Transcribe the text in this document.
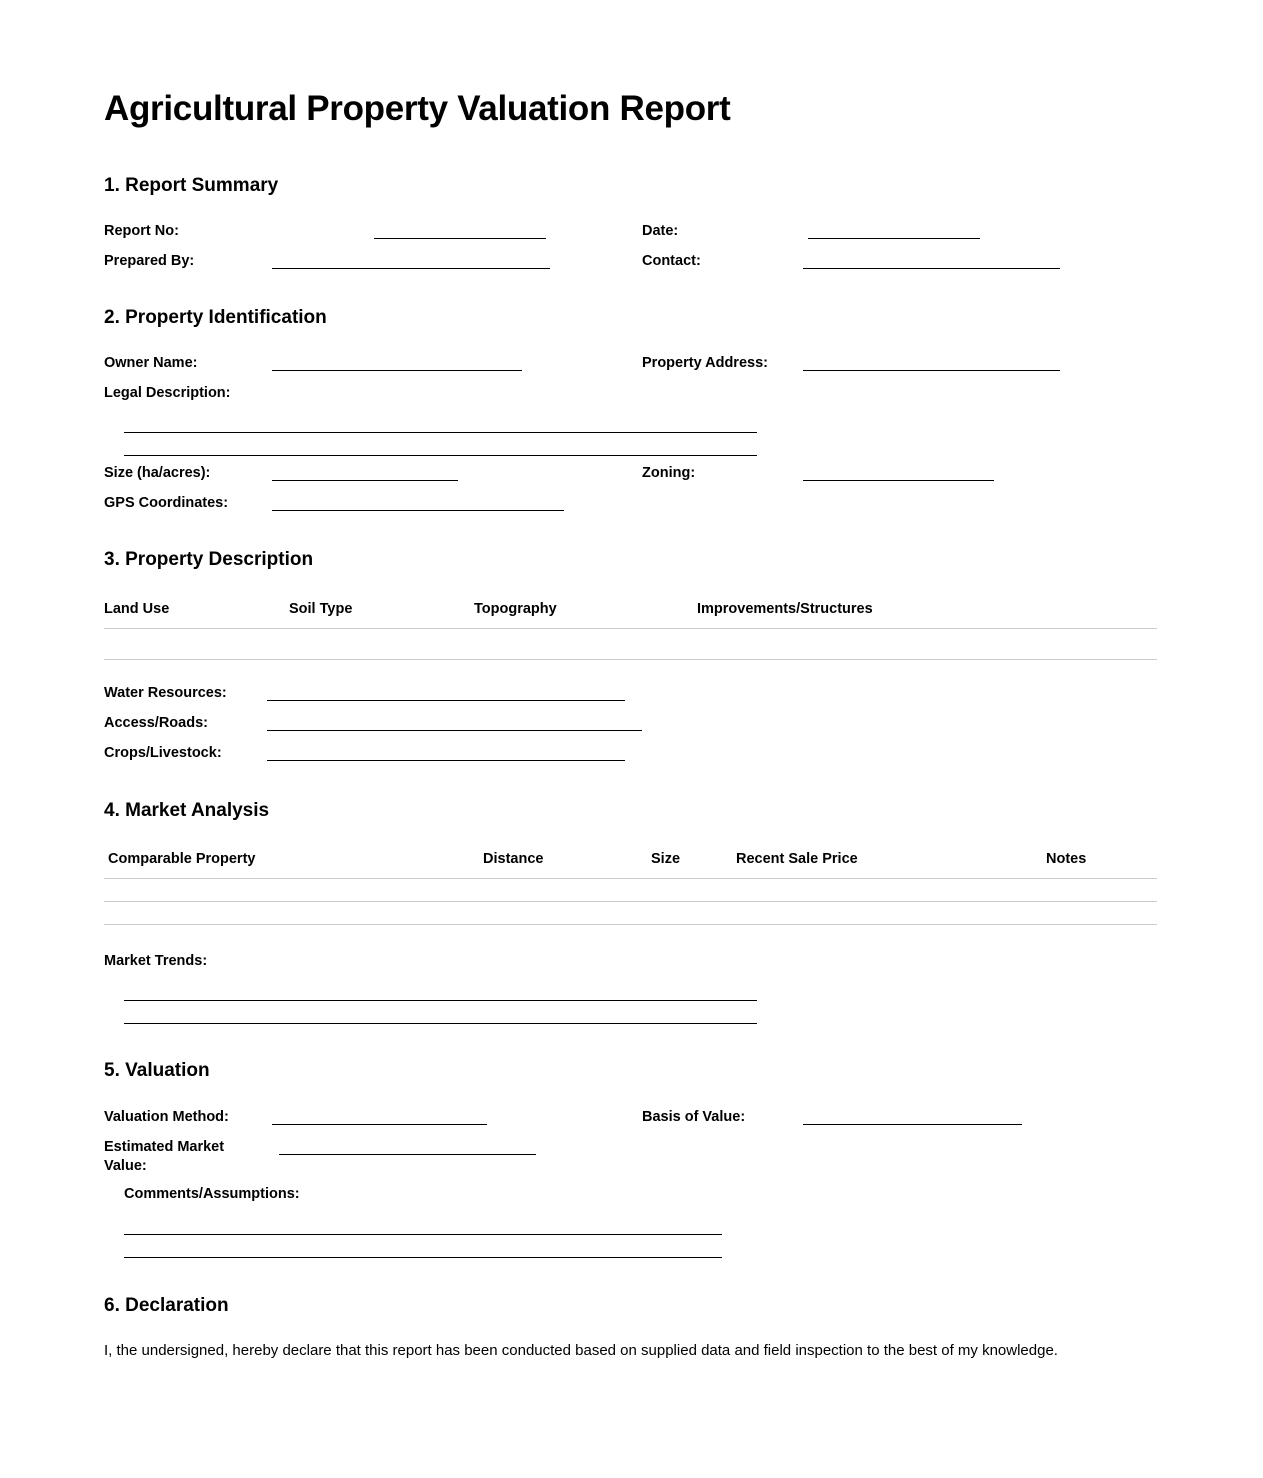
Agricultural Property Valuation Report
1. Report Summary
Report No:	Date:
Prepared By:	Contact:
2. Property Identification
Owner Name:	Property Address:
Legal Description:
Size (ha/acres):	Zoning:
GPS Coordinates:
3. Property Description
Land Use	Soil Type	Topography	Improvements/Structures

Water Resources:
Access/Roads:
Crops/Livestock:
4. Market Analysis
Comparable Property	Distance	Size	Recent Sale Price	Notes

Market Trends:
5. Valuation
Valuation Method:	Basis of Value:
Estimated Market
Value:
Comments/Assumptions:
6. Declaration

I, the undersigned, hereby declare that this report has been conducted based on supplied data and field inspection to the best of my knowledge.
